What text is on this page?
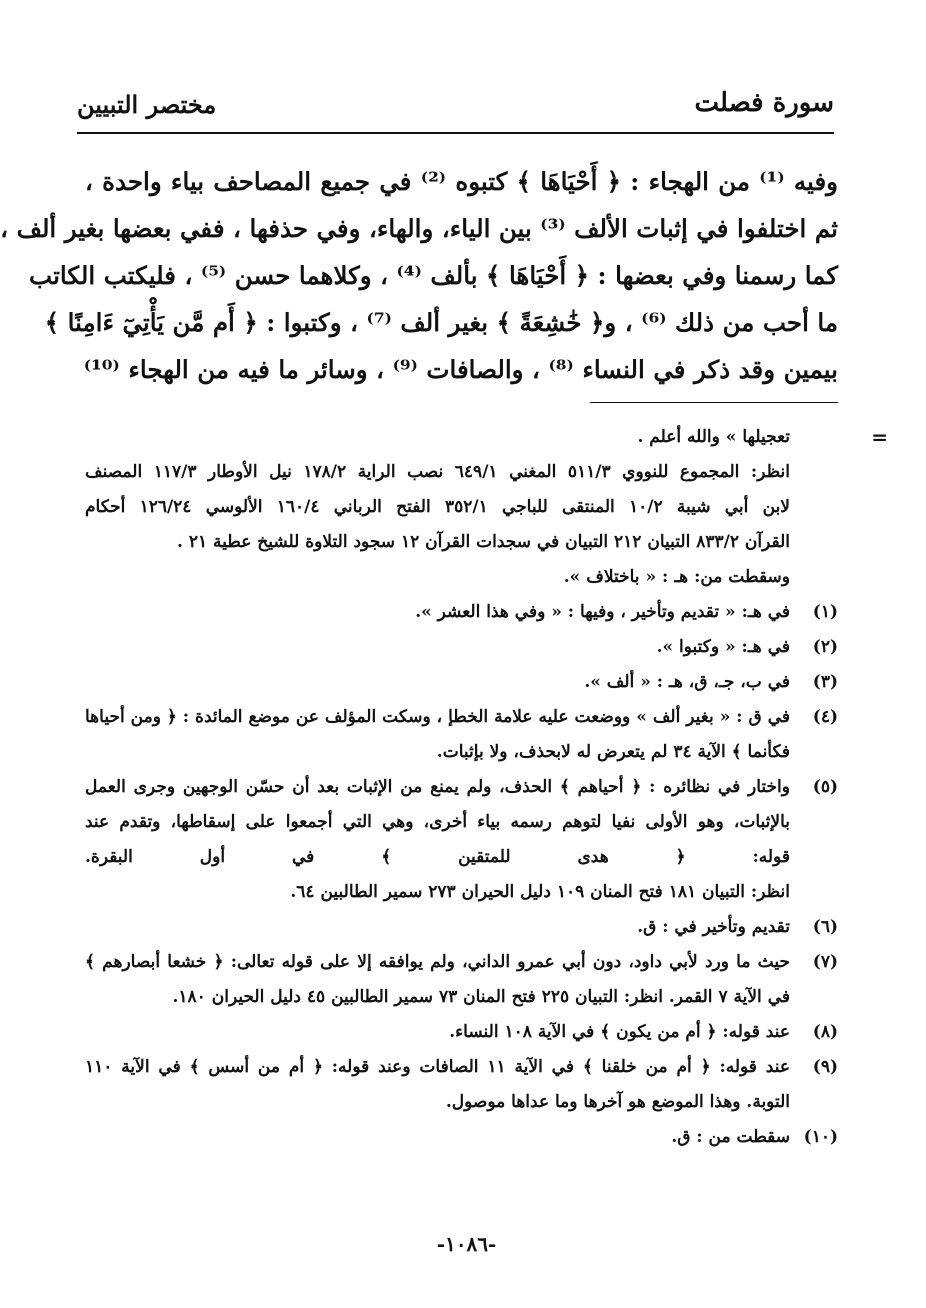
سورة فصلت
مختصر التبيين
وفيه ⁽¹⁾ من الهجاء : ﴿ أَحْيَاهَا ﴾ كتبوه ⁽²⁾ في جميع المصاحف بياء واحدة ،
ثم اختلفوا في إثبات الألف ⁽³⁾ بين الياء، والهاء، وفي حذفها ، ففي بعضها بغير ألف ،
كما رسمنا وفي بعضها : ﴿ أَحْيَاهَا ﴾ بألف ⁽⁴⁾ ، وكلاهما حسن ⁽⁵⁾ ، فليكتب الكاتب
ما أحب من ذلك ⁽⁶⁾ ، و﴿ خَٰشِعَةً ﴾ بغير ألف ⁽⁷⁾ ، وكتبوا : ﴿ أَم مَّن يَأْتِيٓ ءَامِنًا ﴾
بيمين وقد ذكر في النساء ⁽⁸⁾ ، والصافات ⁽⁹⁾ ، وسائر ما فيه من الهجاء ⁽¹⁰⁾
=
تعجيلها » والله أعلم .
انظر: المجموع للنووي ٥١١/٣ المغني ٦٤٩/١ نصب الراية ١٧٨/٢ نيل الأوطار ١١٧/٣ المصنف
لابن أبي شيبة ١٠/٢ المنتقى للباجي ٣٥٢/١ الفتح الرباني ١٦٠/٤ الألوسي ١٢٦/٢٤ أحكام
القرآن ٨٣٣/٢ التبيان ٢١٢ التبيان في سجدات القرآن ١٢ سجود التلاوة للشيخ عطية ٢١ .
وسقطت من: هـ : « باختلاف ».
(١)في هـ: « تقديم وتأخير ، وفيها : « وفي هذا العشر ».
(٢)في هـ: « وكتبوا ».
(٣)في ب، جـ، ق، هـ : « ألف ».
(٤)في ق : « بغير ألف » ووضعت عليه علامة الخطإ ، وسكت المؤلف عن موضع المائدة : ﴿ ومن أحياها
فكأنما ﴾ الآية ٣٤ لم يتعرض له لابحذف، ولا بإثبات.
(٥)واختار في نظائره : ﴿ أحياهم ﴾ الحذف، ولم يمنع من الإثبات بعد أن حسّن الوجهين وجرى العمل
بالإثبات، وهو الأولى نفيا لتوهم رسمه بياء أخرى، وهي التي أجمعوا على إسقاطها، وتقدم عند
قوله: ﴿ هدى للمتقين ﴾ في أول البقرة.
انظر: التبيان ١٨١ فتح المنان ١٠٩ دليل الحيران ٢٧٣ سمير الطالبين ٦٤.
(٦)تقديم وتأخير في : ق.
(٧)حيث ما ورد لأبي داود، دون أبي عمرو الداني، ولم يوافقه إلا على قوله تعالى: ﴿ خشعا أبصارهم ﴾
في الآية ٧ القمر. انظر: التبيان ٢٢٥ فتح المنان ٧٣ سمير الطالبين ٤٥ دليل الحيران ١٨٠.
(٨)عند قوله: ﴿ أم من يكون ﴾ في الآية ١٠٨ النساء.
(٩)عند قوله: ﴿ أم من خلقنا ﴾ في الآية ١١ الصافات وعند قوله: ﴿ أم من أسس ﴾ في الآية ١١٠
التوبة. وهذا الموضع هو آخرها وما عداها موصول.
(١٠)سقطت من : ق.
-١٠٨٦-
